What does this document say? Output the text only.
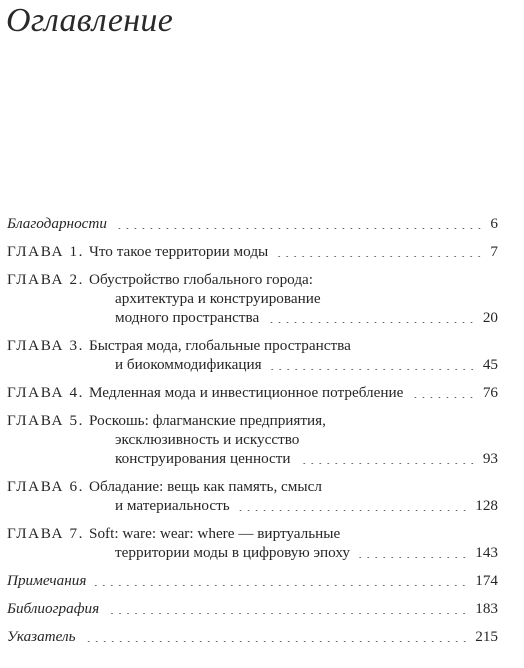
Оглавление
Благодарности	6
ГЛАВА 1. Что такое территории моды	7
ГЛАВА 2. Обустройство глобального города:
архитектура и конструирование
модного пространства	20
ГЛАВА 3. Быстрая мода, глобальные пространства
и биокоммодификация	45
ГЛАВА 4. Медленная мода и инвестиционное потребление	76
ГЛАВА 5. Роскошь: флагманские предприятия,
эксклюзивность и искусство
конструирования ценности	93
ГЛАВА 6. Обладание: вещь как память, смысл
и материальность	128
ГЛАВА 7. Soft: ware: wear: where — виртуальные
территории моды в цифровую эпоху	143
Примечания	174
Библиография	183
Указатель	215
